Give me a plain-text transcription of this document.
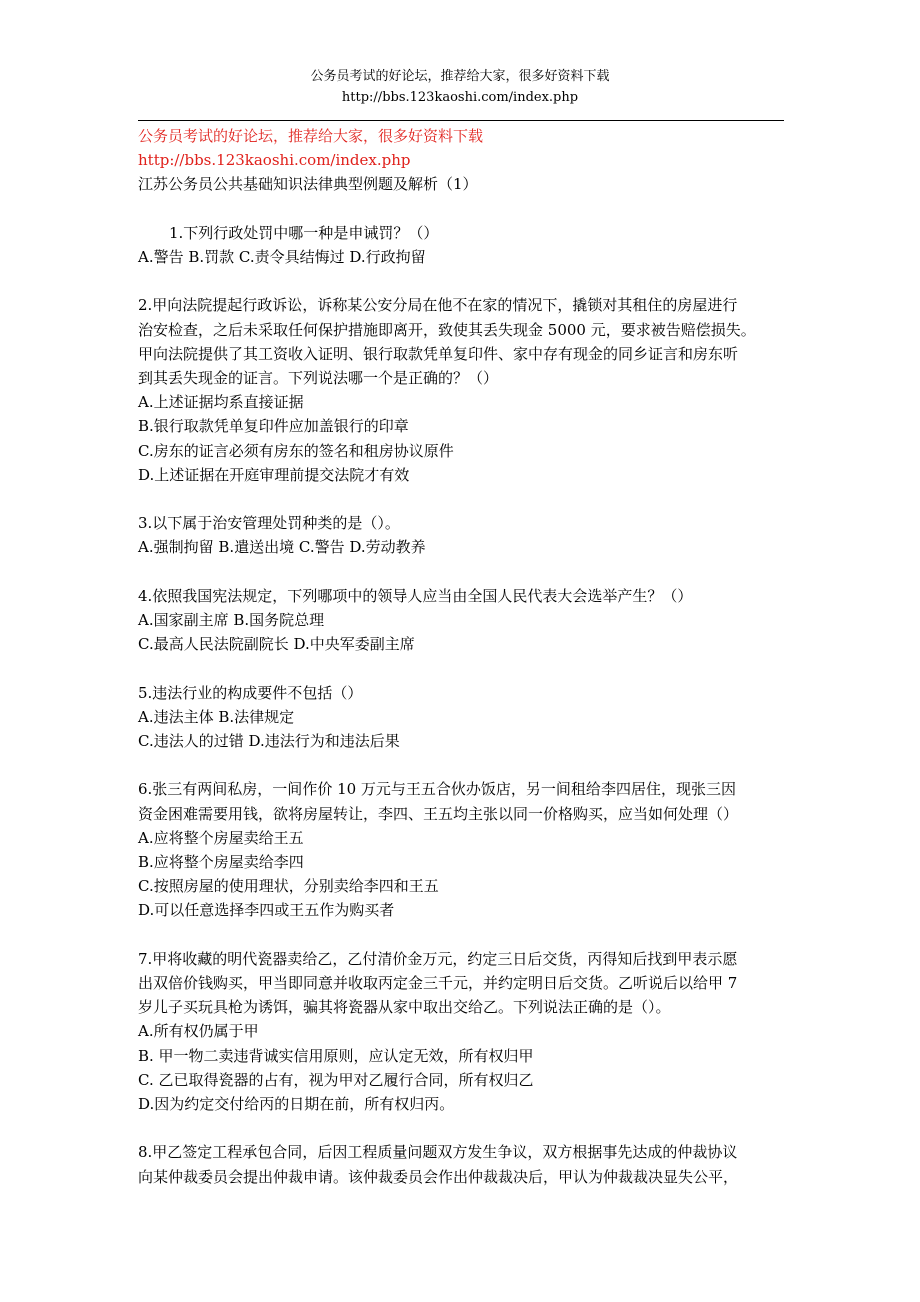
公务员考试的好论坛，推荐给大家，很多好资料下载
http://bbs.123kaoshi.com/index.php
公务员考试的好论坛，推荐给大家，很多好资料下载
http://bbs.123kaoshi.com/index.php
江苏公务员公共基础知识法律典型例题及解析（1）
1.下列行政处罚中哪一种是申诫罚？（）
A.警告 B.罚款 C.责令具结悔过 D.行政拘留
2.甲向法院提起行政诉讼，诉称某公安分局在他不在家的情况下，撬锁对其租住的房屋进行
治安检查，之后未采取任何保护措施即离开，致使其丢失现金 5000 元，要求被告赔偿损失。
甲向法院提供了其工资收入证明、银行取款凭单复印件、家中存有现金的同乡证言和房东听
到其丢失现金的证言。下列说法哪一个是正确的？（）
A.上述证据均系直接证据
B.银行取款凭单复印件应加盖银行的印章
C.房东的证言必须有房东的签名和租房协议原件
D.上述证据在开庭审理前提交法院才有效
3.以下属于治安管理处罚种类的是（）。
A.强制拘留 B.遣送出境 C.警告 D.劳动教养
4.依照我国宪法规定，下列哪项中的领导人应当由全国人民代表大会选举产生？（）
A.国家副主席 B.国务院总理
C.最高人民法院副院长 D.中央军委副主席
5.违法行业的构成要件不包括（）
A.违法主体 B.法律规定
C.违法人的过错 D.违法行为和违法后果
6.张三有两间私房，一间作价 10 万元与王五合伙办饭店，另一间租给李四居住，现张三因
资金困难需要用钱，欲将房屋转让，李四、王五均主张以同一价格购买，应当如何处理（）
A.应将整个房屋卖给王五
B.应将整个房屋卖给李四
C.按照房屋的使用理状，分别卖给李四和王五
D.可以任意选择李四或王五作为购买者
7.甲将收藏的明代瓷器卖给乙，乙付清价金万元，约定三日后交货，丙得知后找到甲表示愿
出双倍价钱购买，甲当即同意并收取丙定金三千元，并约定明日后交货。乙听说后以给甲 7
岁儿子买玩具枪为诱饵，骗其将瓷器从家中取出交给乙。下列说法正确的是（）。
A.所有权仍属于甲
B. 甲一物二卖违背诚实信用原则，应认定无效，所有权归甲
C. 乙已取得瓷器的占有，视为甲对乙履行合同，所有权归乙
D.因为约定交付给丙的日期在前，所有权归丙。
8.甲乙签定工程承包合同，后因工程质量问题双方发生争议，双方根据事先达成的仲裁协议
向某仲裁委员会提出仲裁申请。该仲裁委员会作出仲裁裁决后，甲认为仲裁裁决显失公平，
